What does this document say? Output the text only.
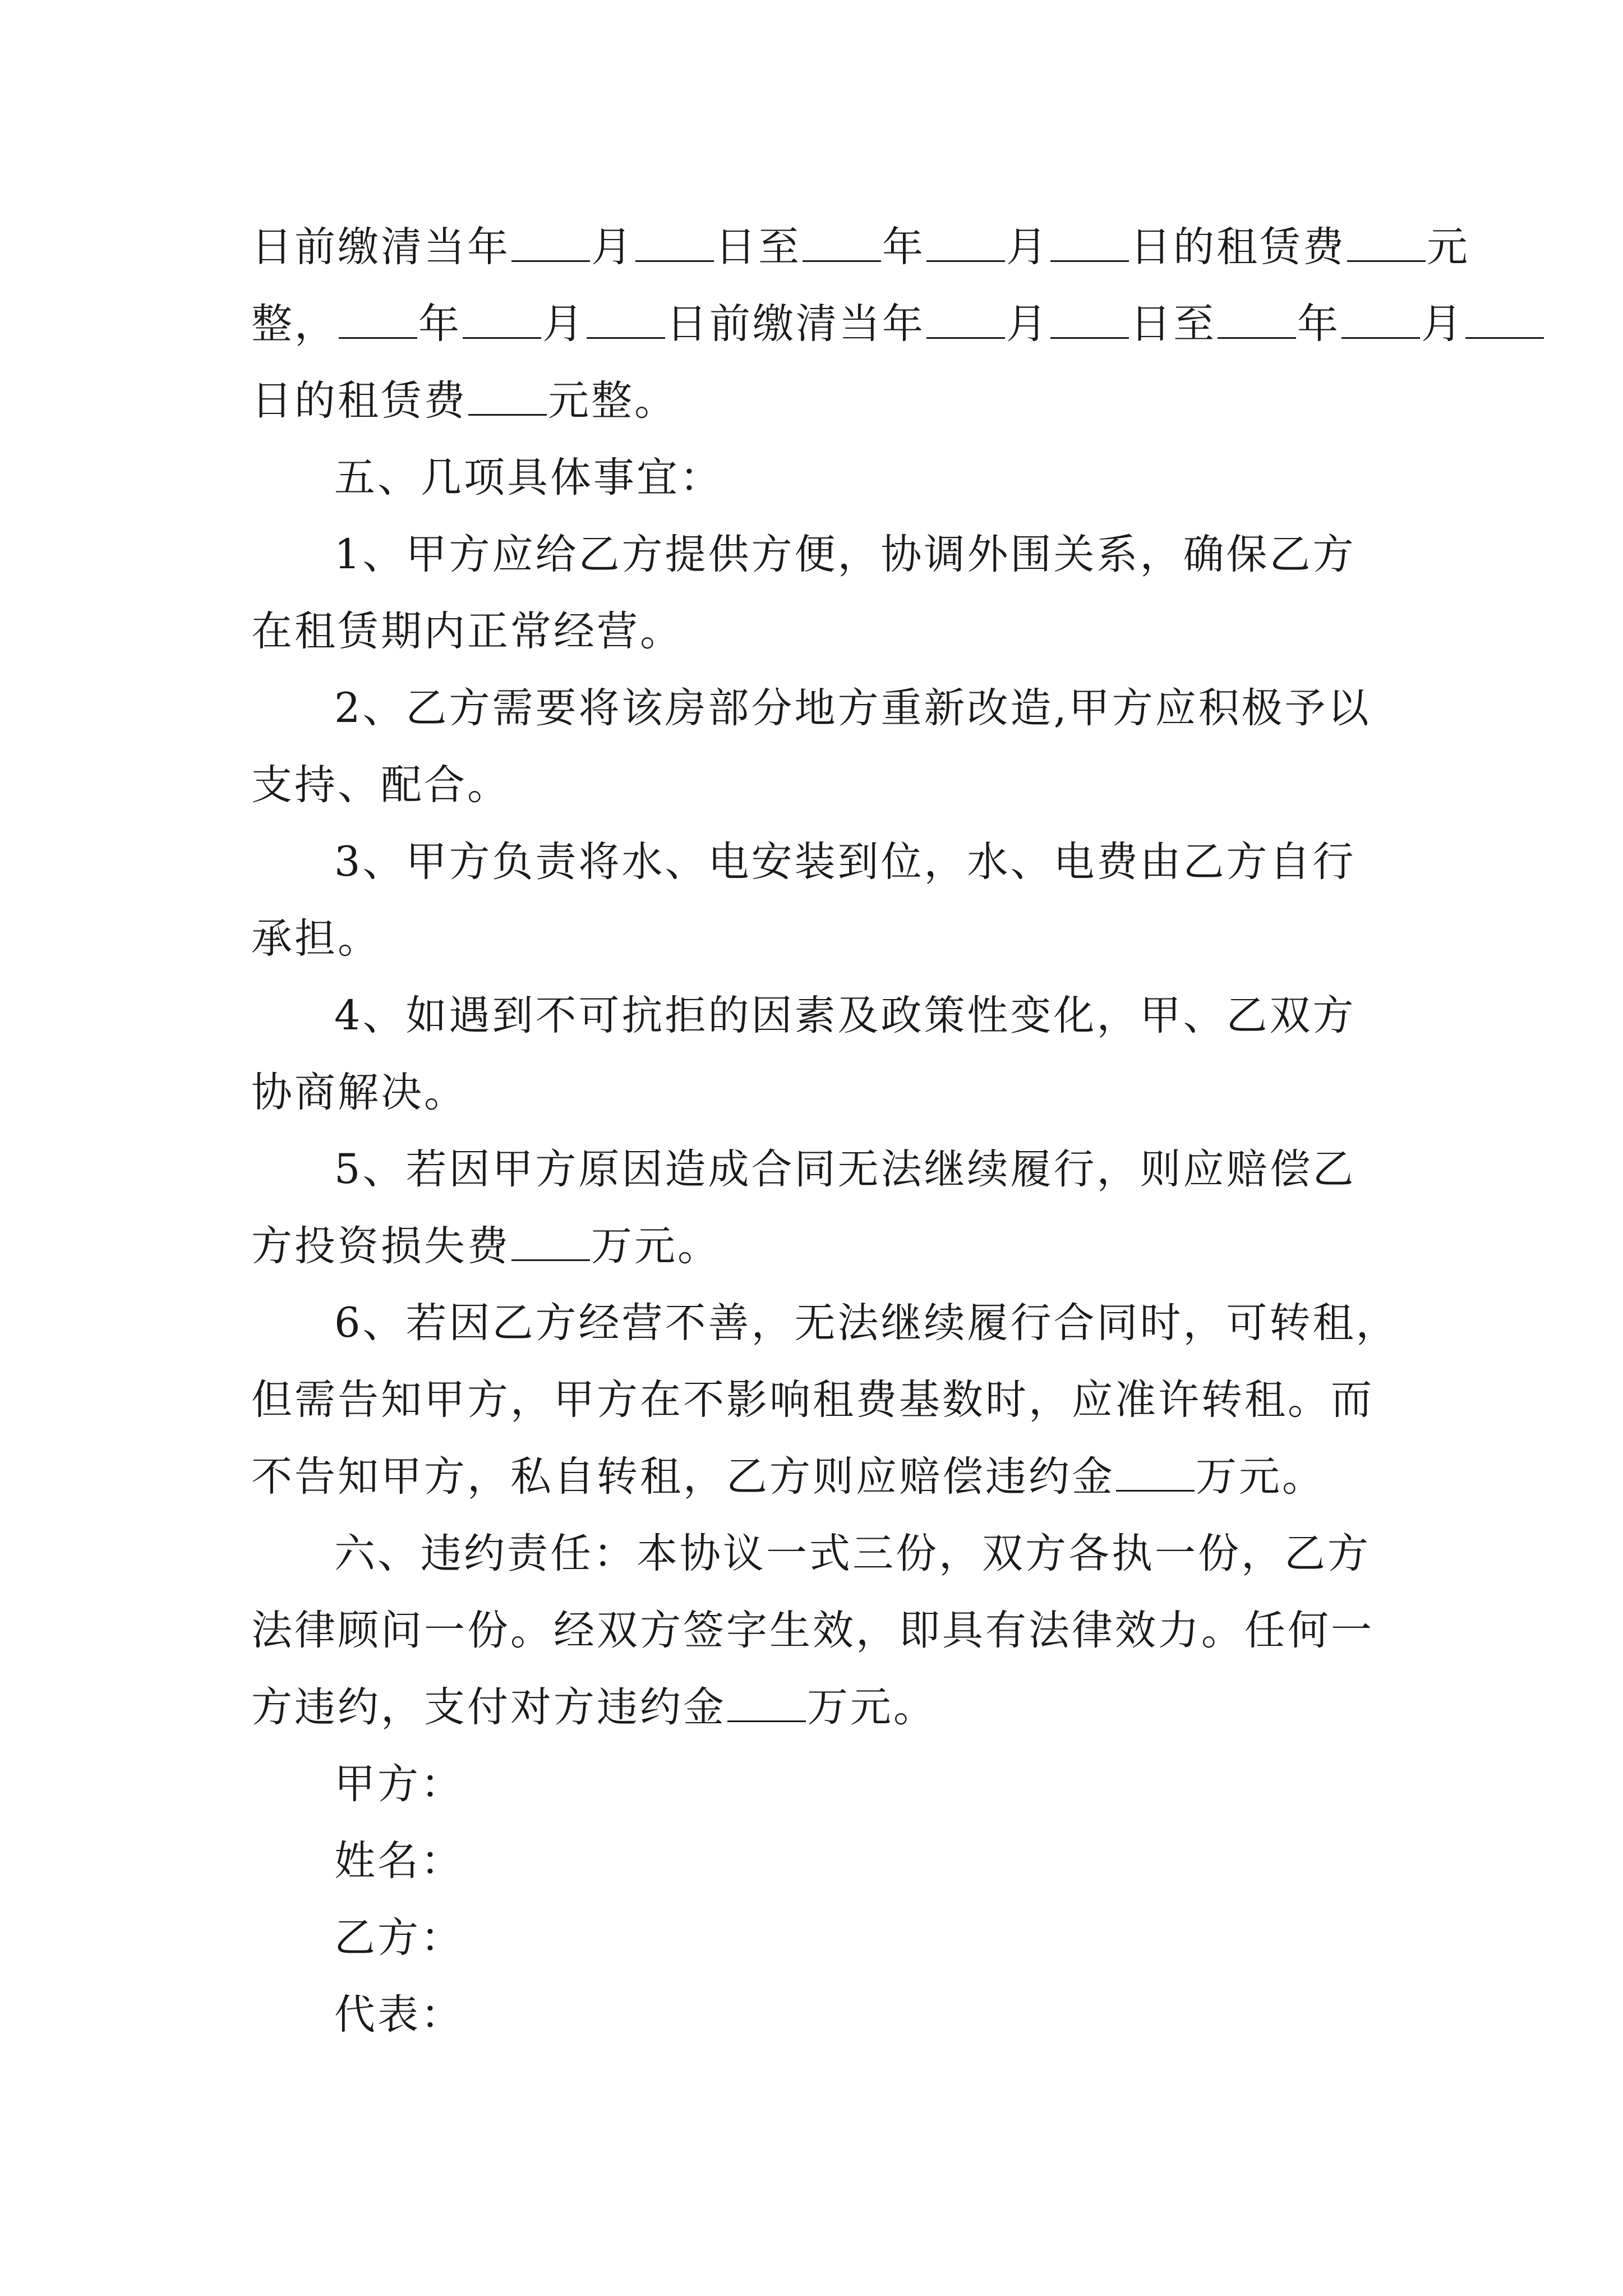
日前缴清当年 月 日至 年 月 日的租赁费 元
整， 年 月 日前缴清当年 月 日至 年 月
日的租赁费 元整。
五、几项具体事宜：
1、甲方应给乙方提供方便，协调外围关系，确保乙方
在租赁期内正常经营。
2、乙方需要将该房部分地方重新改造,甲方应积极予以
支持、配合。
3、甲方负责将水、电安装到位，水、电费由乙方自行
承担。
4、如遇到不可抗拒的因素及政策性变化，甲、乙双方
协商解决。
5、若因甲方原因造成合同无法继续履行，则应赔偿乙
方投资损失费 万元。
6、若因乙方经营不善，无法继续履行合同时，可转租，
但需告知甲方，甲方在不影响租费基数时，应准许转租。而
不告知甲方，私自转租，乙方则应赔偿违约金 万元。
六、违约责任：本协议一式三份，双方各执一份，乙方
法律顾问一份。经双方签字生效，即具有法律效力。任何一
方违约，支付对方违约金 万元。
甲方：
姓名：
乙方：
代表：
